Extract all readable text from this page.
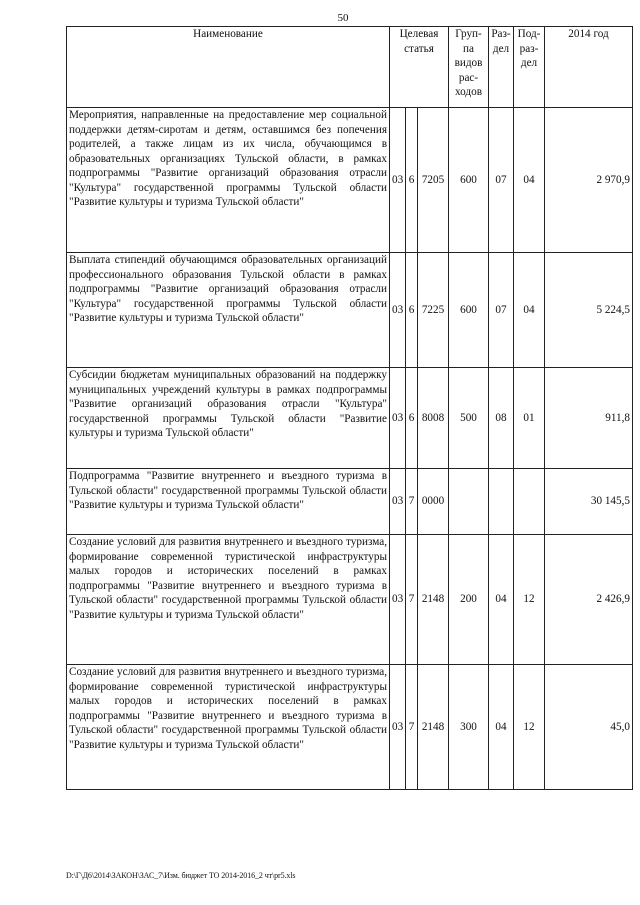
50
Наименование	Целевая статья			Груп- па видов рас- ходов	Раз- дел	Под- раз- дел	2014 год
Мероприятия, направленные на предоставление мер социальной поддержки детям-сиротам и детям, оставшимся без попечения родителей, а также лицам из их числа, обучающимся в образовательных организациях Тульской области, в рамках подпрограммы "Развитие организаций образования отрасли "Культура" государственной программы Тульской области "Развитие культуры и туризма Тульской области"	03	6	7205	600	07	04	2 970,9
Выплата стипендий обучающимся образовательных организаций профессионального образования Тульской области в рамках подпрограммы "Развитие организаций образования отрасли "Культура" государственной программы Тульской области "Развитие культуры и туризма Тульской области"	03	6	7225	600	07	04	5 224,5
Субсидии бюджетам муниципальных образований на поддержку муниципальных учреждений культуры в рамках подпрограммы "Развитие организаций образования отрасли "Культура" государственной программы Тульской области "Развитие культуры и туризма Тульской области"	03	6	8008	500	08	01	911,8
Подпрограмма "Развитие внутреннего и въездного туризма в Тульской области" государственной программы Тульской области "Развитие культуры и туризма Тульской области"	03	7	0000				30 145,5
Создание условий для развития внутреннего и въездного туризма, формирование современной туристической инфраструктуры малых городов и исторических поселений в рамках подпрограммы "Развитие внутреннего и въездного туризма в Тульской области" государственной программы Тульской области "Развитие культуры и туризма Тульской области"	03	7	2148	200	04	12	2 426,9
Создание условий для развития внутреннего и въездного туризма, формирование современной туристической инфраструктуры малых городов и исторических поселений в рамках подпрограммы "Развитие внутреннего и въездного туризма в Тульской области" государственной программы Тульской области "Развитие культуры и туризма Тульской области"	03	7	2148	300	04	12	45,0
D:\Г\Д6\2014\ЗАКОН\ЗАС_7\Изм. бюджет ТО 2014-2016_2 чт\pr5.xls
